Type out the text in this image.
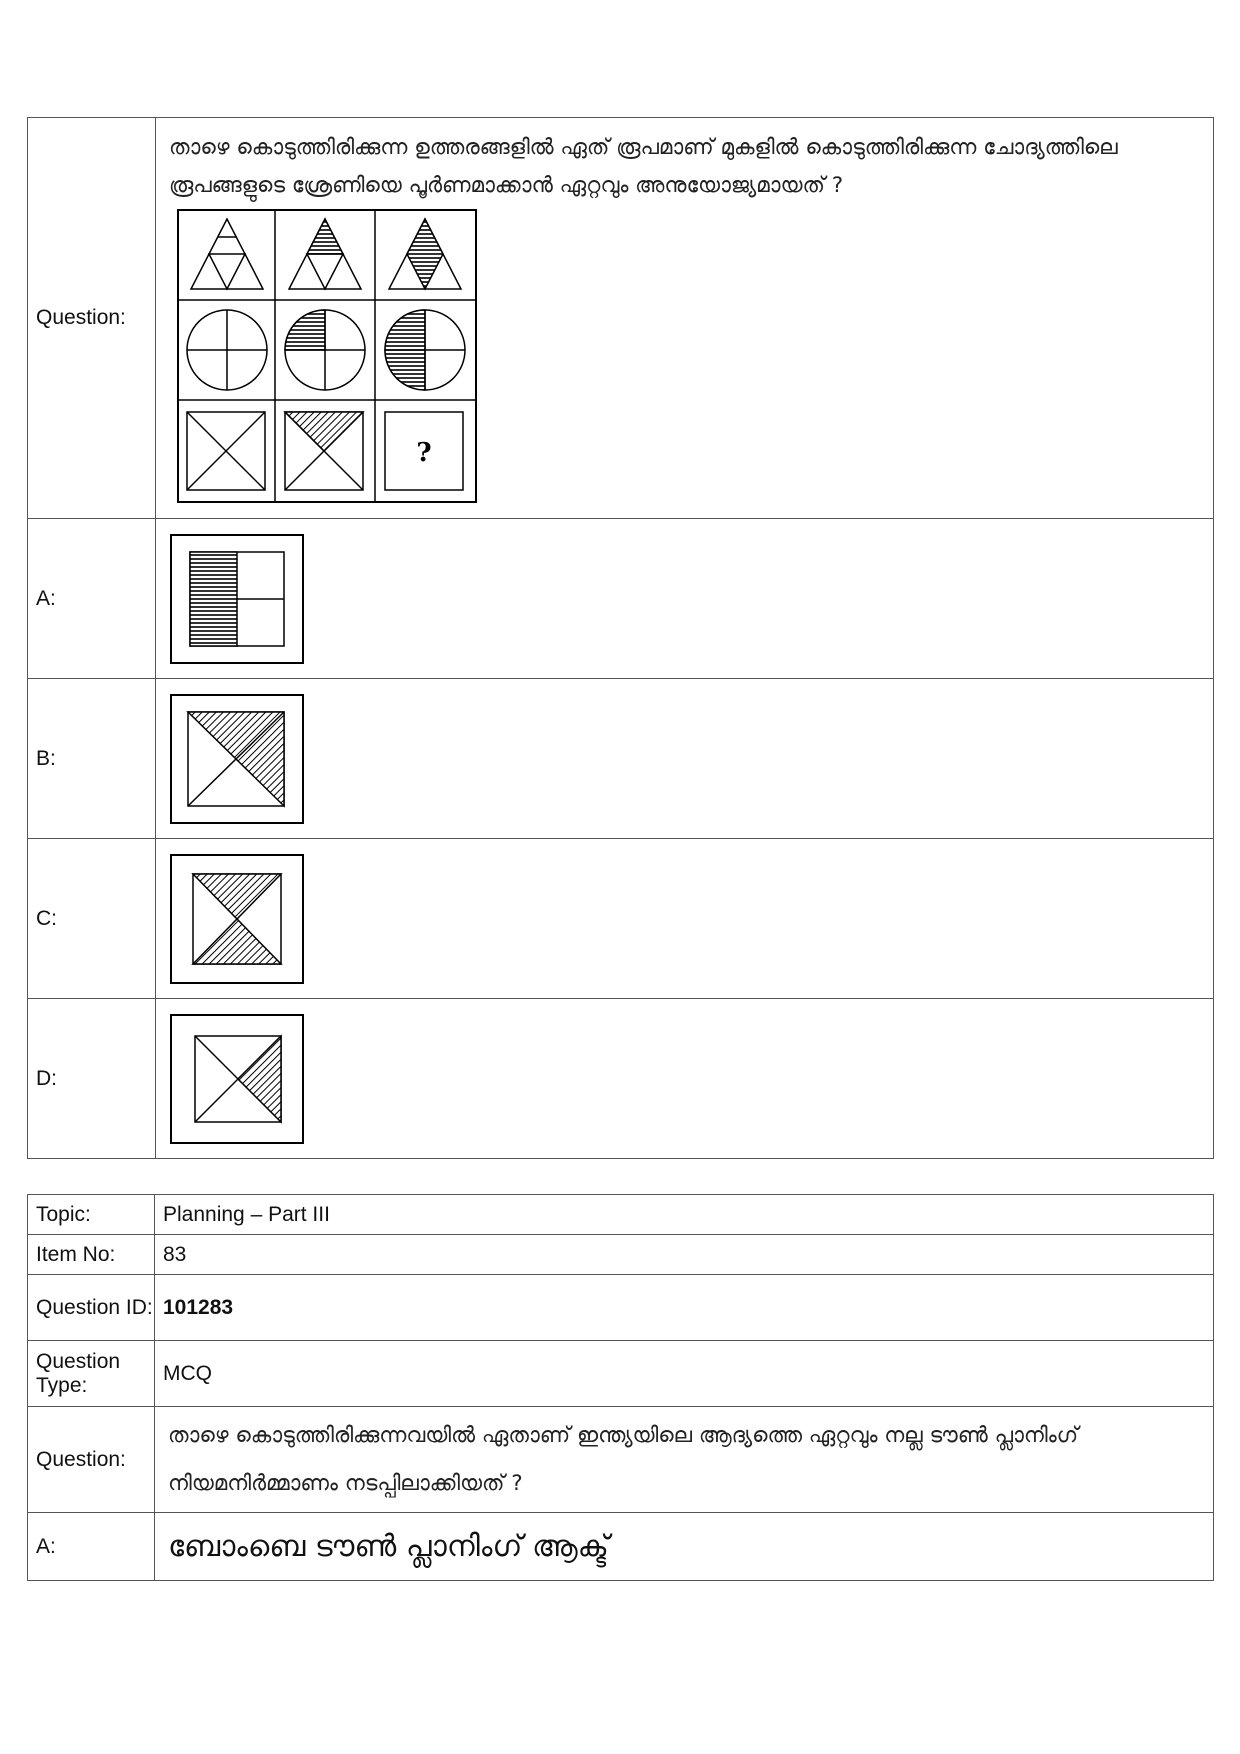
Question:	താഴെ കൊടുത്തിരിക്കുന്ന ഉത്തരങ്ങളിൽ ഏത് രൂപമാണ് മുകളിൽ കൊടുത്തിരിക്കുന്ന ചോദ്യത്തിലെ രൂപങ്ങളുടെ ശ്രേണിയെ പൂർണമാക്കാൻ ഏറ്റവും അനുയോജ്യമായത് ?
?

A:	

B:	

C:	

D:	
Topic:	Planning – Part III
Item No:	83
Question ID:	101283
Question Type:	MCQ
Question:	താഴെ കൊടുത്തിരിക്കുന്നവയിൽ ഏതാണ് ഇന്ത്യയിലെ ആദ്യത്തെ ഏറ്റവും നല്ല ടൗൺ പ്ലാനിംഗ് നിയമനിർമ്മാണം നടപ്പിലാക്കിയത് ?

A:	ബോംബെ ടൗൺ പ്ലാനിംഗ് ആക്ട്
